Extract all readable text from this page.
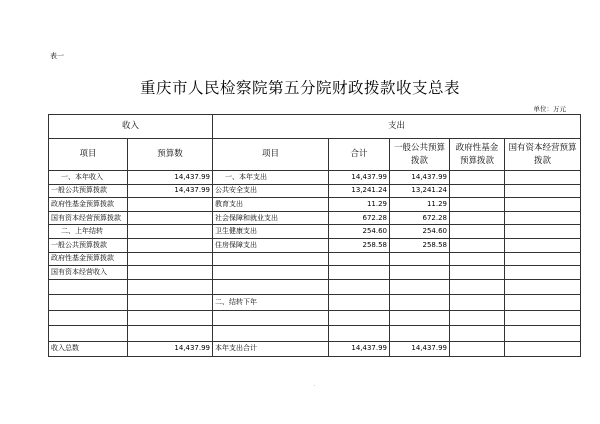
表一
重庆市人民检察院第五分院财政拨款收支总表
单位：万元
收入		支出				
项目	预算数	项目	合计	一般公共预算拨款	政府性基金预算拨款	国有资本经营预算拨款
一、本年收入	14,437.99	一、本年支出	14,437.99	14,437.99		
一般公共预算拨款	14,437.99	公共安全支出	13,241.24	13,241.24		
政府性基金预算拨款		教育支出	11.29	11.29		
国有资本经营预算拨款		社会保障和就业支出	672.28	672.28		
二、上年结转		卫生健康支出	254.60	254.60		
一般公共预算拨款		住房保障支出	258.58	258.58		
政府性基金预算拨款						
国有资本经营收入						

		二、结转下年				

收入总数	14,437.99	本年支出合计	14,437.99	14,437.99		
·
